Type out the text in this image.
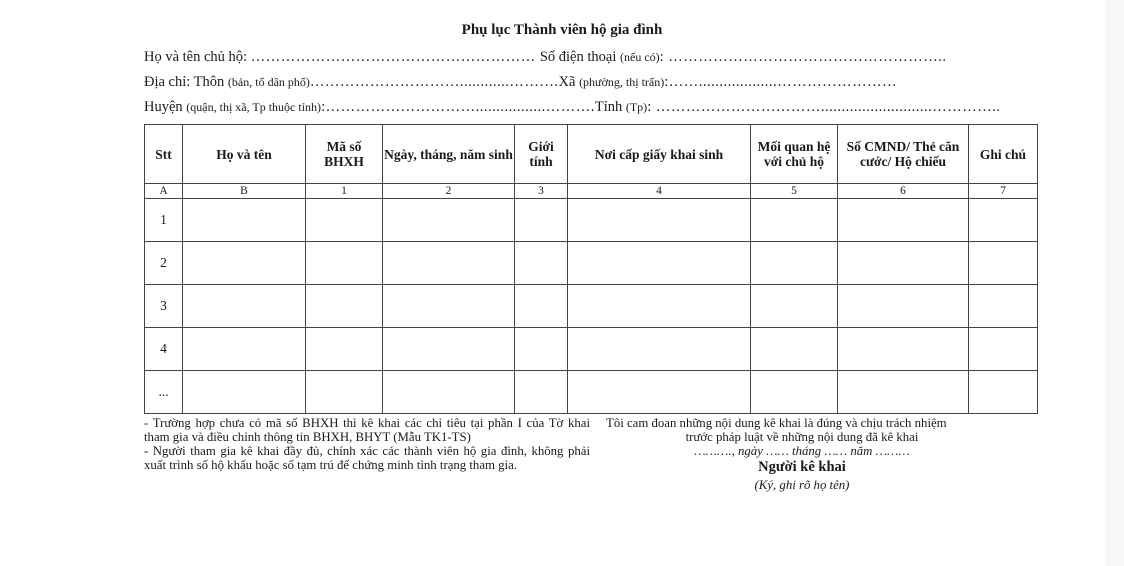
Phụ lục Thành viên hộ gia đình
Họ và tên chủ hộ: ………………………………………………… Số điện thoại (nếu có): ………………………………………………..
Địa chỉ: Thôn (bản, tổ dân phố)…………………………............……….Xã (phường, thị trấn):……...................……………………
Huyện (quận, thị xã, Tp thuộc tỉnh):………………………….................……….Tỉnh (Tp): ……………………………...........................…………..
Stt	Họ và tên	Mã số BHXH	Ngày, tháng, năm sinh	Giới tính	Nơi cấp giấy khai sinh	Mối quan hệ với chủ hộ	Số CMND/ Thẻ căn cước/ Hộ chiếu	Ghi chú
A	B	1	2	3	4	5	6	7
1								
2								
3								
4								
...								

- Trường hợp chưa có mã số BHXH thì kê khai các chỉ tiêu tại phần I của Tờ khai tham gia và điều chỉnh thông tin BHXH, BHYT (Mẫu TK1-TS)

- Người tham gia kê khai đầy đủ, chính xác các thành viên hộ gia đình, không phải xuất trình sổ hộ khẩu hoặc sổ tạm trú để chứng minh tình trạng tham gia.

Tôi cam đoan những nội dung kê khai là đúng và chịu trách nhiệm
trước pháp luật về những nội dung đã kê khai
………., ngày …… tháng …… năm ………
Người kê khai
(Ký, ghi rõ họ tên)
